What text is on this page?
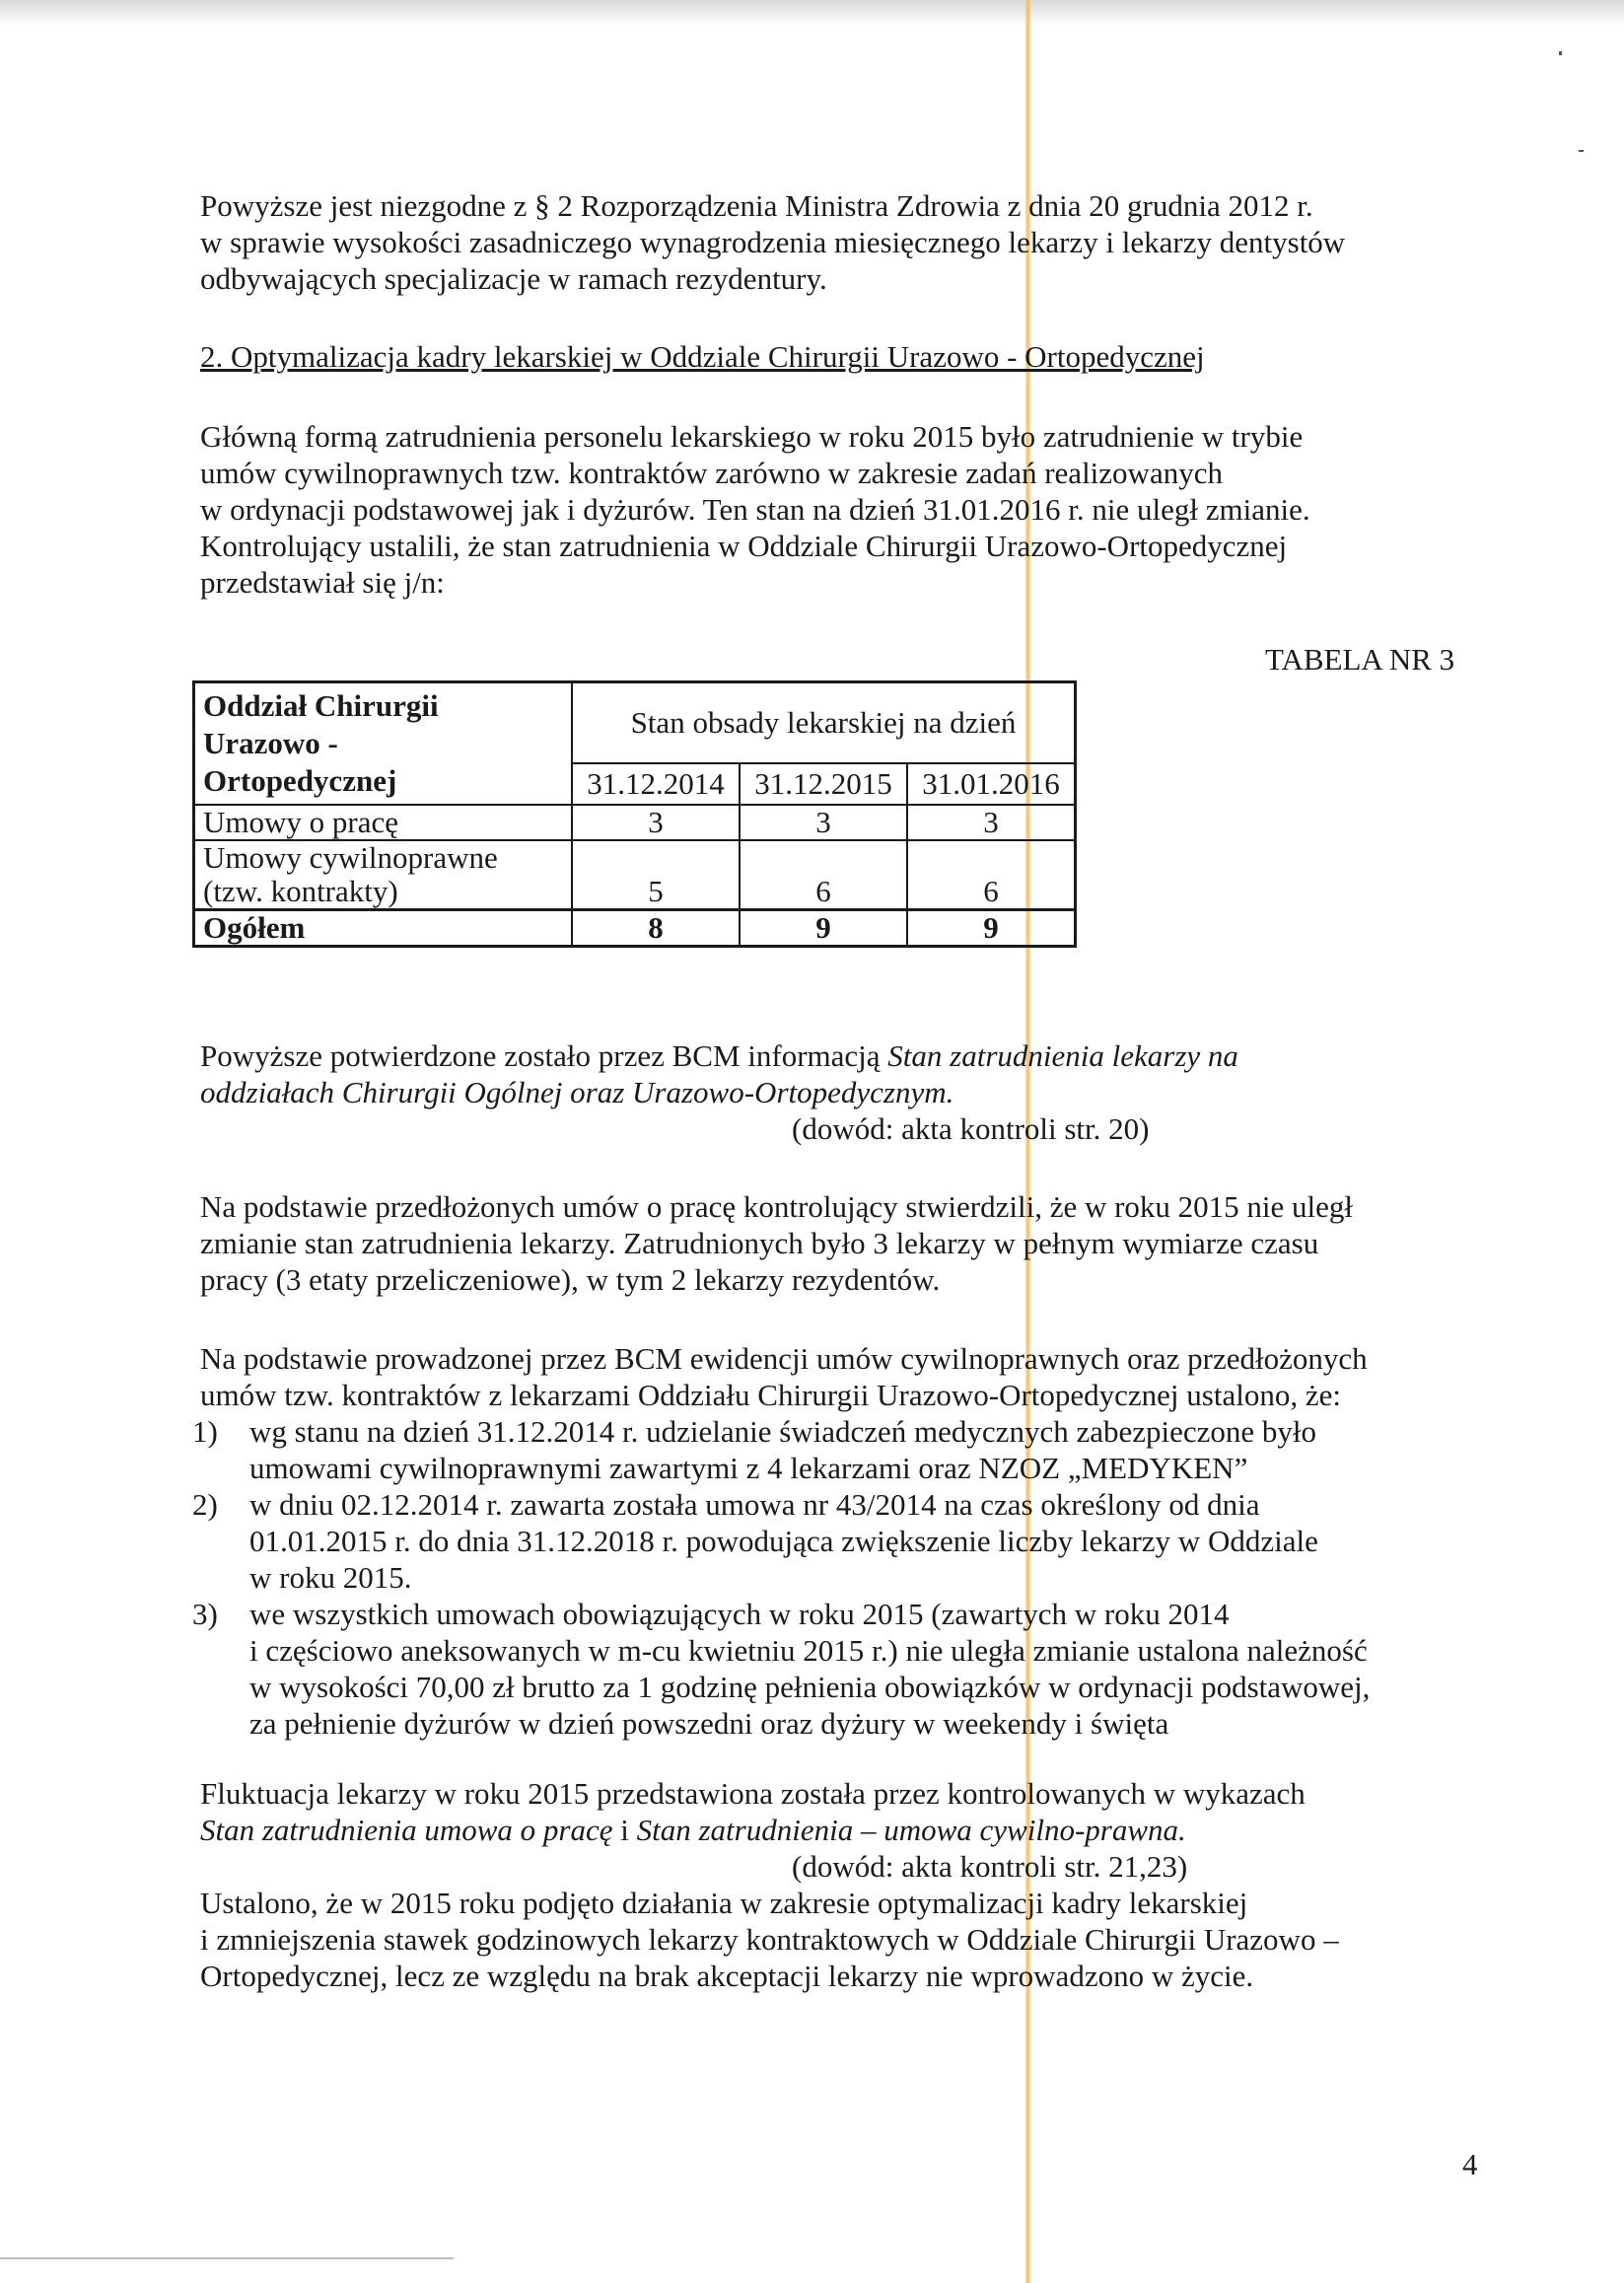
Powyższe jest niezgodne z § 2 Rozporządzenia Ministra Zdrowia z dnia 20 grudnia 2012 r.
w sprawie wysokości zasadniczego wynagrodzenia miesięcznego lekarzy i lekarzy dentystów
odbywających specjalizacje w ramach rezydentury.
2. Optymalizacja kadry lekarskiej w Oddziale Chirurgii Urazowo - Ortopedycznej
Główną formą zatrudnienia personelu lekarskiego w roku 2015 było zatrudnienie w trybie
umów cywilnoprawnych tzw. kontraktów zarówno w zakresie zadań realizowanych
w ordynacji podstawowej jak i dyżurów. Ten stan na dzień 31.01.2016 r. nie uległ zmianie.
Kontrolujący ustalili, że stan zatrudnienia w Oddziale Chirurgii Urazowo-Ortopedycznej
przedstawiał się j/n:
TABELA NR 3
Oddział Chirurgii
Urazowo -
Ortopedycznej	Stan obsady lekarskiej na dzień		
	31.12.2014	31.12.2015	31.01.2016
Umowy o pracę	3	3	3

Umowy cywilnoprawne
(tzw. kontrakty)	5	6	6
Ogółem	8	9	9
Powyższe potwierdzone zostało przez BCM informacją Stan zatrudnienia lekarzy na
oddziałach Chirurgii Ogólnej oraz Urazowo-Ortopedycznym.
(dowód: akta kontroli str. 20)
Na podstawie przedłożonych umów o pracę kontrolujący stwierdzili, że w roku 2015 nie uległ
zmianie stan zatrudnienia lekarzy. Zatrudnionych było 3 lekarzy w pełnym wymiarze czasu
pracy (3 etaty przeliczeniowe), w tym 2 lekarzy rezydentów.
Na podstawie prowadzonej przez BCM ewidencji umów cywilnoprawnych oraz przedłożonych
umów tzw. kontraktów z lekarzami Oddziału Chirurgii Urazowo-Ortopedycznej ustalono, że:
1) wg stanu na dzień 31.12.2014 r. udzielanie świadczeń medycznych zabezpieczone było
umowami cywilnoprawnymi zawartymi z 4 lekarzami oraz NZOZ „MEDYKEN”
2) w dniu 02.12.2014 r. zawarta została umowa nr 43/2014 na czas określony od dnia
01.01.2015 r. do dnia 31.12.2018 r. powodująca zwiększenie liczby lekarzy w Oddziale
w roku 2015.
3) we wszystkich umowach obowiązujących w roku 2015 (zawartych w roku 2014
i częściowo aneksowanych w m-cu kwietniu 2015 r.) nie uległa zmianie ustalona należność
w wysokości 70,00 zł brutto za 1 godzinę pełnienia obowiązków w ordynacji podstawowej,
za pełnienie dyżurów w dzień powszedni oraz dyżury w weekendy i święta
Fluktuacja lekarzy w roku 2015 przedstawiona została przez kontrolowanych w wykazach
Stan zatrudnienia umowa o pracę i Stan zatrudnienia – umowa cywilno-prawna.
(dowód: akta kontroli str. 21,23)
Ustalono, że w 2015 roku podjęto działania w zakresie optymalizacji kadry lekarskiej
i zmniejszenia stawek godzinowych lekarzy kontraktowych w Oddziale Chirurgii Urazowo –
Ortopedycznej, lecz ze względu na brak akceptacji lekarzy nie wprowadzono w życie.
4
